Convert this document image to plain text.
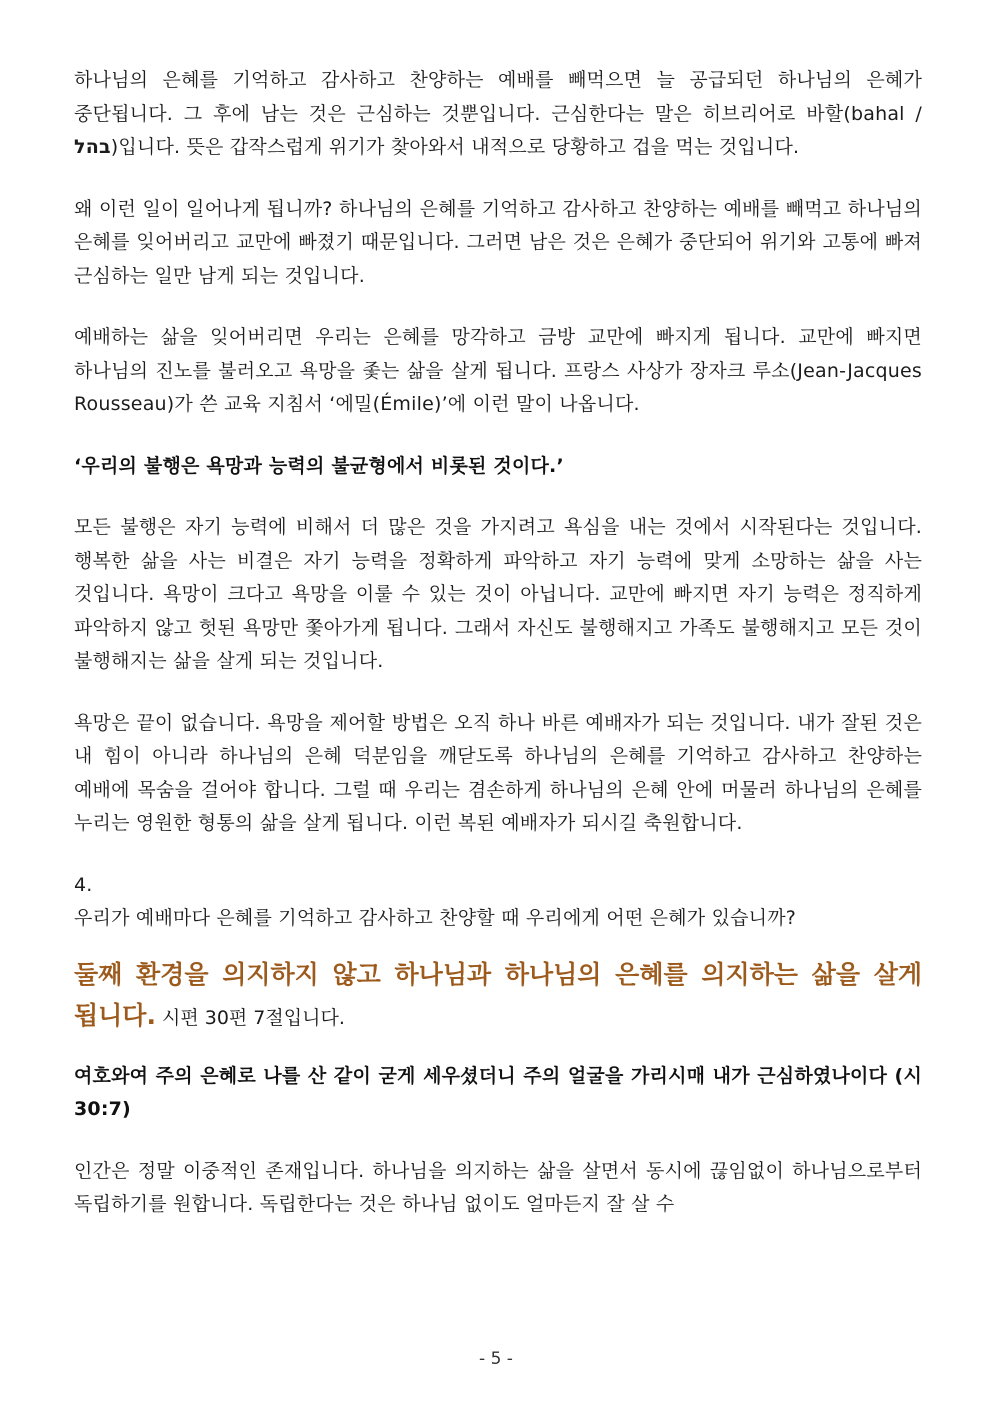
하나님의 은혜를 기억하고 감사하고 찬양하는 예배를 빼먹으면 늘 공급되던 하나님의 은혜가 중단됩니다. 그 후에 남는 것은 근심하는 것뿐입니다. 근심한다는 말은 히브리어로 바할(bahal / בהל)입니다. 뜻은 갑작스럽게 위기가 찾아와서 내적으로 당황하고 겁을 먹는 것입니다.

왜 이런 일이 일어나게 됩니까? 하나님의 은혜를 기억하고 감사하고 찬양하는 예배를 빼먹고 하나님의 은혜를 잊어버리고 교만에 빠졌기 때문입니다. 그러면 남은 것은 은혜가 중단되어 위기와 고통에 빠져 근심하는 일만 남게 되는 것입니다.

예배하는 삶을 잊어버리면 우리는 은혜를 망각하고 금방 교만에 빠지게 됩니다. 교만에 빠지면 하나님의 진노를 불러오고 욕망을 좇는 삶을 살게 됩니다. 프랑스 사상가 장자크 루소(Jean-Jacques Rousseau)가 쓴 교육 지침서 ‘에밀(Émile)’에 이런 말이 나옵니다.

‘우리의 불행은 욕망과 능력의 불균형에서 비롯된 것이다.’

모든 불행은 자기 능력에 비해서 더 많은 것을 가지려고 욕심을 내는 것에서 시작된다는 것입니다. 행복한 삶을 사는 비결은 자기 능력을 정확하게 파악하고 자기 능력에 맞게 소망하는 삶을 사는 것입니다. 욕망이 크다고 욕망을 이룰 수 있는 것이 아닙니다. 교만에 빠지면 자기 능력은 정직하게 파악하지 않고 헛된 욕망만 쫓아가게 됩니다. 그래서 자신도 불행해지고 가족도 불행해지고 모든 것이 불행해지는 삶을 살게 되는 것입니다.

욕망은 끝이 없습니다. 욕망을 제어할 방법은 오직 하나 바른 예배자가 되는 것입니다. 내가 잘된 것은 내 힘이 아니라 하나님의 은혜 덕분임을 깨닫도록 하나님의 은혜를 기억하고 감사하고 찬양하는 예배에 목숨을 걸어야 합니다. 그럴 때 우리는 겸손하게 하나님의 은혜 안에 머물러 하나님의 은혜를 누리는 영원한 형통의 삶을 살게 됩니다. 이런 복된 예배자가 되시길 축원합니다.

4.
우리가 예배마다 은혜를 기억하고 감사하고 찬양할 때 우리에게 어떤 은혜가 있습니까?

둘째 환경을 의지하지 않고 하나님과 하나님의 은혜를 의지하는 삶을 살게 됩니다. 시편 30편 7절입니다.

여호와여 주의 은혜로 나를 산 같이 굳게 세우셨더니 주의 얼굴을 가리시매 내가 근심하였나이다 (시 30:7)

인간은 정말 이중적인 존재입니다. 하나님을 의지하는 삶을 살면서 동시에 끊임없이 하나님으로부터 독립하기를 원합니다. 독립한다는 것은 하나님 없이도 얼마든지 잘 살 수

- 5 -
